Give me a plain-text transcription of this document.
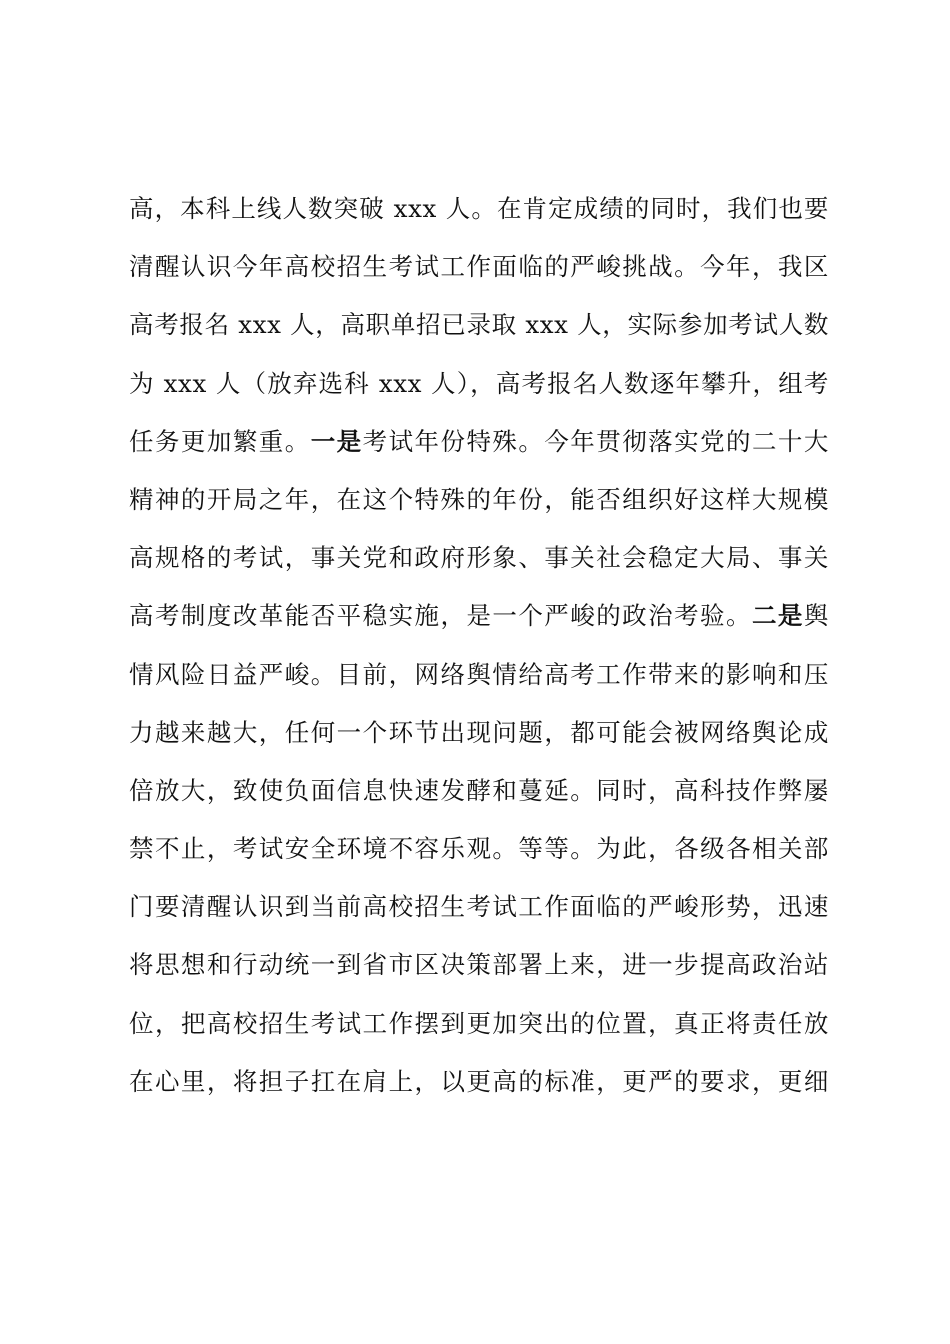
高，本科上线人数突破 xxx 人。在肯定成绩的同时，我们也要
清醒认识今年高校招生考试工作面临的严峻挑战。今年，我区
高考报名 xxx 人，高职单招已录取 xxx 人，实际参加考试人数
为 xxx 人（放弃选科 xxx 人），高考报名人数逐年攀升，组考
任务更加繁重。一是考试年份特殊。今年贯彻落实党的二十大
精神的开局之年，在这个特殊的年份，能否组织好这样大规模
高规格的考试，事关党和政府形象、事关社会稳定大局、事关
高考制度改革能否平稳实施，是一个严峻的政治考验。二是舆
情风险日益严峻。目前，网络舆情给高考工作带来的影响和压
力越来越大，任何一个环节出现问题，都可能会被网络舆论成
倍放大，致使负面信息快速发酵和蔓延。同时，高科技作弊屡
禁不止，考试安全环境不容乐观。等等。为此，各级各相关部
门要清醒认识到当前高校招生考试工作面临的严峻形势，迅速
将思想和行动统一到省市区决策部署上来，进一步提高政治站
位，把高校招生考试工作摆到更加突出的位置，真正将责任放
在心里，将担子扛在肩上，以更高的标准，更严的要求，更细
